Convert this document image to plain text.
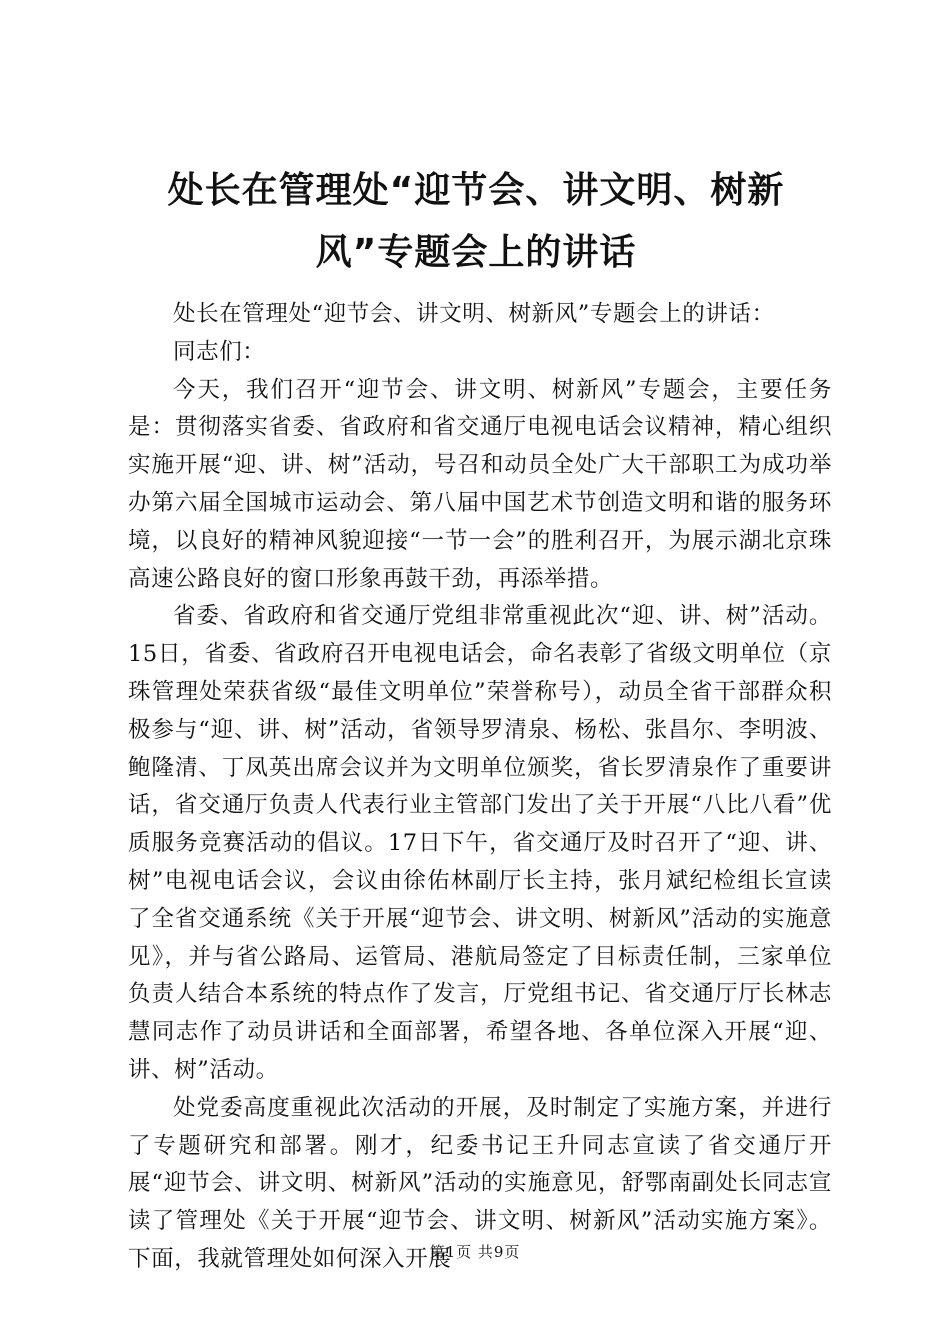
处长在管理处“迎节会、讲文明、树新风”专题会上的讲话

处长在管理处“迎节会、讲文明、树新风”专题会上的讲话：

同志们：

今天，我们召开“迎节会、讲文明、树新风”专题会，主要任务是：贯彻落实省委、省政府和省交通厅电视电话会议精神，精心组织实施开展“迎、讲、树”活动，号召和动员全处广大干部职工为成功举办第六届全国城市运动会、第八届中国艺术节创造文明和谐的服务环境，以良好的精神风貌迎接“一节一会”的胜利召开，为展示湖北京珠高速公路良好的窗口形象再鼓干劲，再添举措。

省委、省政府和省交通厅党组非常重视此次“迎、讲、树”活动。15日，省委、省政府召开电视电话会，命名表彰了省级文明单位（京珠管理处荣获省级“最佳文明单位”荣誉称号），动员全省干部群众积极参与“迎、讲、树”活动，省领导罗清泉、杨松、张昌尔、李明波、鲍隆清、丁凤英出席会议并为文明单位颁奖，省长罗清泉作了重要讲话，省交通厅负责人代表行业主管部门发出了关于开展“八比八看”优质服务竞赛活动的倡议。17日下午，省交通厅及时召开了“迎、讲、树”电视电话会议，会议由徐佑林副厅长主持，张月斌纪检组长宣读了全省交通系统《关于开展“迎节会、讲文明、树新风”活动的实施意见》，并与省公路局、运管局、港航局签定了目标责任制，三家单位负责人结合本系统的特点作了发言，厅党组书记、省交通厅厅长林志慧同志作了动员讲话和全面部署，希望各地、各单位深入开展“迎、讲、树”活动。

处党委高度重视此次活动的开展，及时制定了实施方案，并进行了专题研究和部署。刚才，纪委书记王升同志宣读了省交通厅开展“迎节会、讲文明、树新风”活动的实施意见，舒鄂南副处长同志宣读了管理处《关于开展“迎节会、讲文明、树新风”活动实施方案》。下面，我就管理处如何深入开展

第1页 共9页
